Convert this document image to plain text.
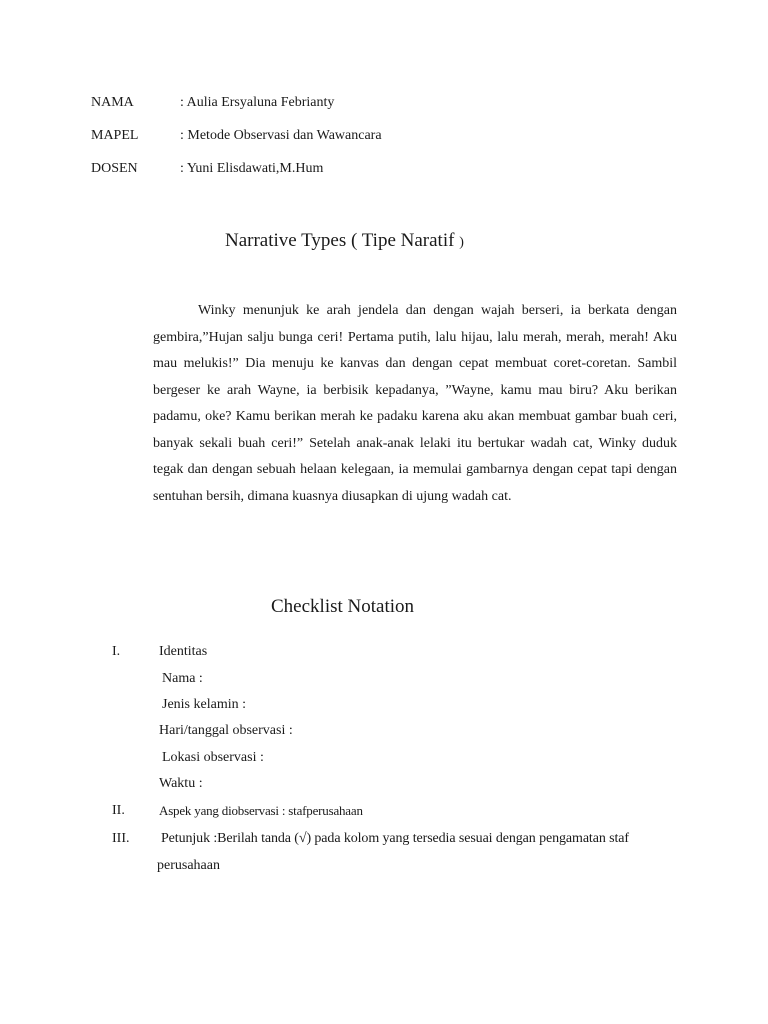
NAMA	: Aulia Ersyaluna Febrianty
MAPEL	: Metode Observasi dan Wawancara
DOSEN	: Yuni Elisdawati,M.Hum
Narrative Types ( Tipe Naratif )

Winky menunjuk ke arah jendela dan dengan wajah berseri, ia berkata dengan gembira,”Hujan salju bunga ceri! Pertama putih, lalu hijau, lalu merah, merah, merah! Aku mau melukis!” Dia menuju ke kanvas dan dengan cepat membuat coret-coretan. Sambil bergeser ke arah Wayne, ia berbisik kepadanya, ”Wayne, kamu mau biru? Aku berikan padamu, oke? Kamu berikan merah ke padaku karena aku akan membuat gambar buah ceri, banyak sekali buah ceri!” Setelah anak-anak lelaki itu bertukar wadah cat, Winky duduk tegak dan dengan sebuah helaan kelegaan, ia memulai gambarnya dengan cepat tapi dengan sentuhan bersih, dimana kuasnya diusapkan di ujung wadah cat.

Checklist Notation
I.	Identitas
Nama :
Jenis kelamin :
Hari/tanggal observasi :
Lokasi observasi :
Waktu :
II.	Aspek yang diobservasi : stafperusahaan
III. Petunjuk :Berilah tanda (√) pada kolom yang tersedia sesuai dengan pengamatan staf
perusahaan
